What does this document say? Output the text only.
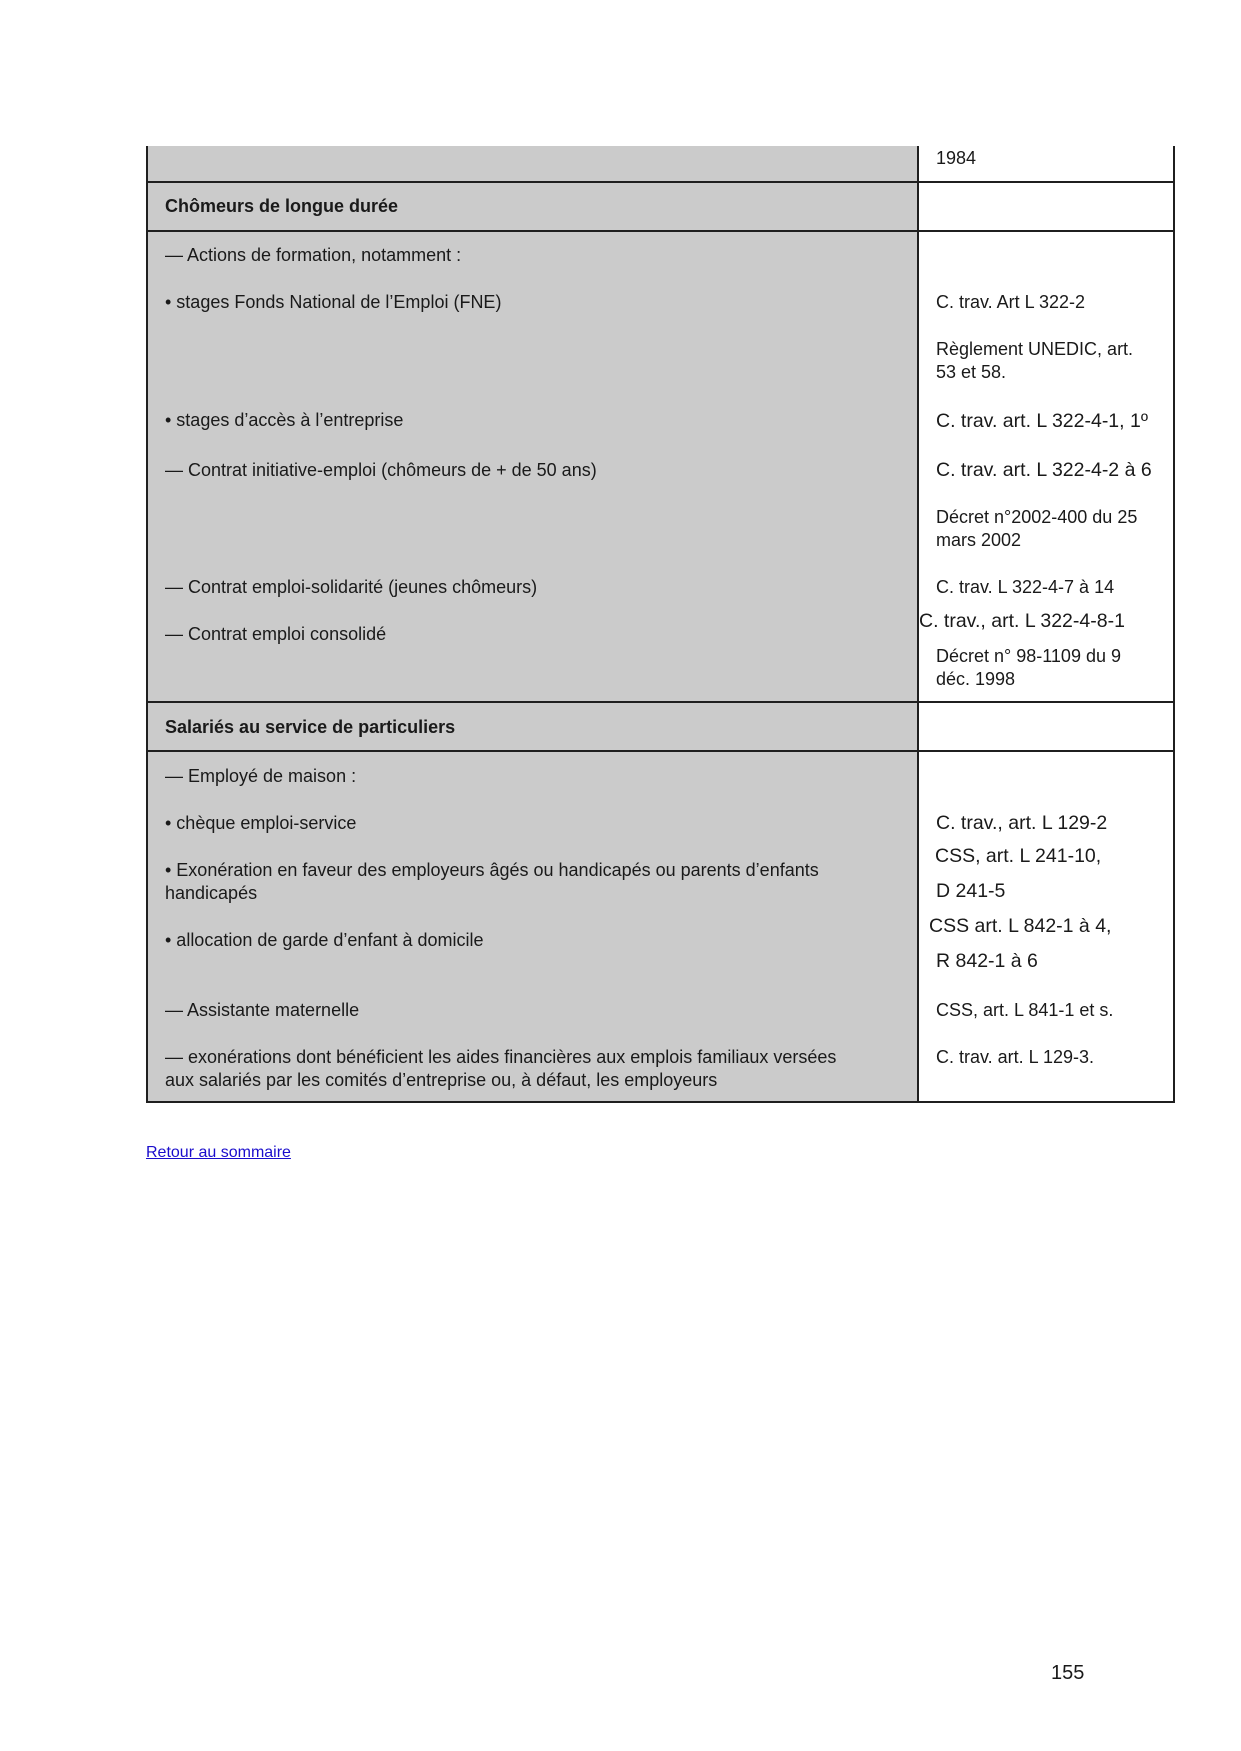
1984
Chômeurs de longue durée
— Actions de formation, notamment :
• stages Fonds National de l’Emploi (FNE)
• stages d’accès à l’entreprise
— Contrat initiative-emploi (chômeurs de + de 50 ans)
— Contrat emploi-solidarité (jeunes chômeurs)
— Contrat emploi consolidé
C. trav. Art L 322-2
Règlement UNEDIC, art.
53 et 58.
C. trav. art. L 322-4-1, 1º
C. trav. art. L 322-4-2 à 6
Décret n°2002-400 du 25
mars 2002
C. trav. L 322-4-7 à 14
C. trav., art. L 322-4-8-1
Décret n° 98-1109 du 9
déc. 1998
Salariés au service de particuliers
— Employé de maison :
• chèque emploi-service
• Exonération en faveur des employeurs âgés ou handicapés ou parents d’enfants
handicapés
• allocation de garde d’enfant à domicile
— Assistante maternelle
— exonérations dont bénéficient les aides financières aux emplois familiaux versées
aux salariés par les comités d’entreprise ou, à défaut, les employeurs
C. trav., art. L 129-2
CSS, art. L 241-10,
D 241-5
CSS art. L 842-1 à 4,
R 842-1 à 6
CSS, art. L 841-1 et s.
C. trav. art. L 129-3.
Retour au sommaire
155
